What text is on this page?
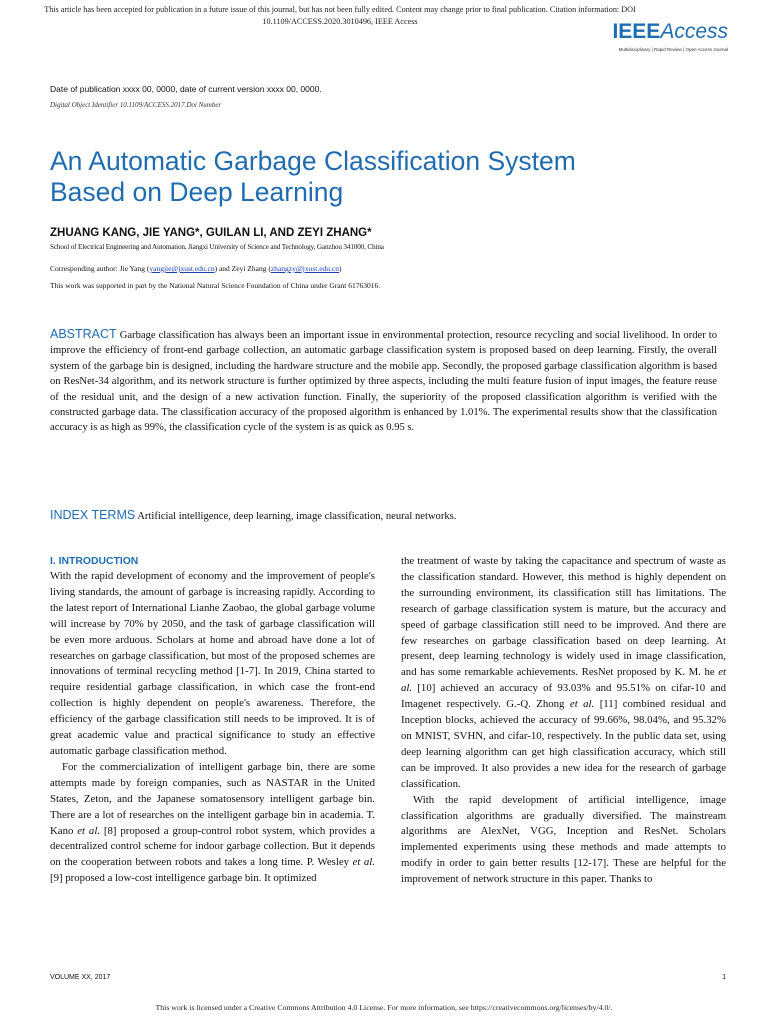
This article has been accepted for publication in a future issue of this journal, but has not been fully edited. Content may change prior to final publication. Citation information: DOI
10.1109/ACCESS.2020.3010496, IEEE Access	IEEEAccess
Multidisciplinary | Rapid Review | Open Access Journal
Date of publication xxxx 00, 0000, date of current version xxxx 00, 0000.
Digital Object Identifier 10.1109/ACCESS.2017.Doi Number
An Automatic Garbage Classification System
Based on Deep Learning
ZHUANG KANG, JIE YANG*, GUILAN LI, AND ZEYI ZHANG*
School of Electrical Engineering and Automation, Jiangxi University of Science and Technology, Ganzhou 341000, China
Corresponding author: Jie Yang (yangjie@jxust.edu.cn) and Zeyi Zhang (zhangzy@jxust.edu.cn)
This work was supported in part by the National Natural Science Foundation of China under Grant 61763016.

ABSTRACT Garbage classification has always been an important issue in environmental protection, resource recycling and social livelihood. In order to improve the efficiency of front-end garbage collection, an automatic garbage classification system is proposed based on deep learning. Firstly, the overall system of the garbage bin is designed, including the hardware structure and the mobile app. Secondly, the proposed garbage classification algorithm is based on ResNet-34 algorithm, and its network structure is further optimized by three aspects, including the multi feature fusion of input images, the feature reuse of the residual unit, and the design of a new activation function. Finally, the superiority of the proposed classification algorithm is verified with the constructed garbage data. The classification accuracy of the proposed algorithm is enhanced by 1.01%. The experimental results show that the classification accuracy is as high as 99%, the classification cycle of the system is as quick as 0.95 s.

INDEX TERMS Artificial intelligence, deep learning, image classification, neural networks.

I. INTRODUCTION

With the rapid development of economy and the improvement of people's living standards, the amount of garbage is increasing rapidly. According to the latest report of International Lianhe Zaobao, the global garbage volume will increase by 70% by 2050, and the task of garbage classification will be even more arduous. Scholars at home and abroad have done a lot of researches on garbage classification, but most of the proposed schemes are innovations of terminal recycling method [1-7]. In 2019, China started to require residential garbage classification, in which case the front-end collection is highly dependent on people's awareness. Therefore, the efficiency of the garbage classification still needs to be improved. It is of great academic value and practical significance to study an effective automatic garbage classification method.

For the commercialization of intelligent garbage bin, there are some attempts made by foreign companies, such as NASTAR in the United States, Zeton, and the Japanese somatosensory intelligent garbage bin. There are a lot of researches on the intelligent garbage bin in academia. T. Kano et al. [8] proposed a group-control robot system, which provides a decentralized control scheme for indoor garbage collection. But it depends on the cooperation between robots and takes a long time. P. Wesley et al. [9] proposed a low-cost intelligence garbage bin. It optimized

the treatment of waste by taking the capacitance and spectrum of waste as the classification standard. However, this method is highly dependent on the surrounding environment, its classification still has limitations. The research of garbage classification system is mature, but the accuracy and speed of garbage classification still need to be improved. And there are few researches on garbage classification based on deep learning. At present, deep learning technology is widely used in image classification, and has some remarkable achievements. ResNet proposed by K. M. he et al. [10] achieved an accuracy of 93.03% and 95.51% on cifar-10 and Imagenet respectively. G.-Q. Zhong et al. [11] combined residual and Inception blocks, achieved the accuracy of 99.66%, 98.04%, and 95.32% on MNIST, SVHN, and cifar-10, respectively. In the public data set, using deep learning algorithm can get high classification accuracy, which still can be improved. It also provides a new idea for the research of garbage classification.

With the rapid development of artificial intelligence, image classification algorithms are gradually diversified. The mainstream algorithms are AlexNet, VGG, Inception and ResNet. Scholars implemented experiments using these methods and made attempts to modify in order to gain better results [12-17]. These are helpful for the improvement of network structure in this paper. Thanks to

VOLUME XX, 2017	1
This work is licensed under a Creative Commons Attribution 4.0 License. For more information, see https://creativecommons.org/licenses/by/4.0/.
